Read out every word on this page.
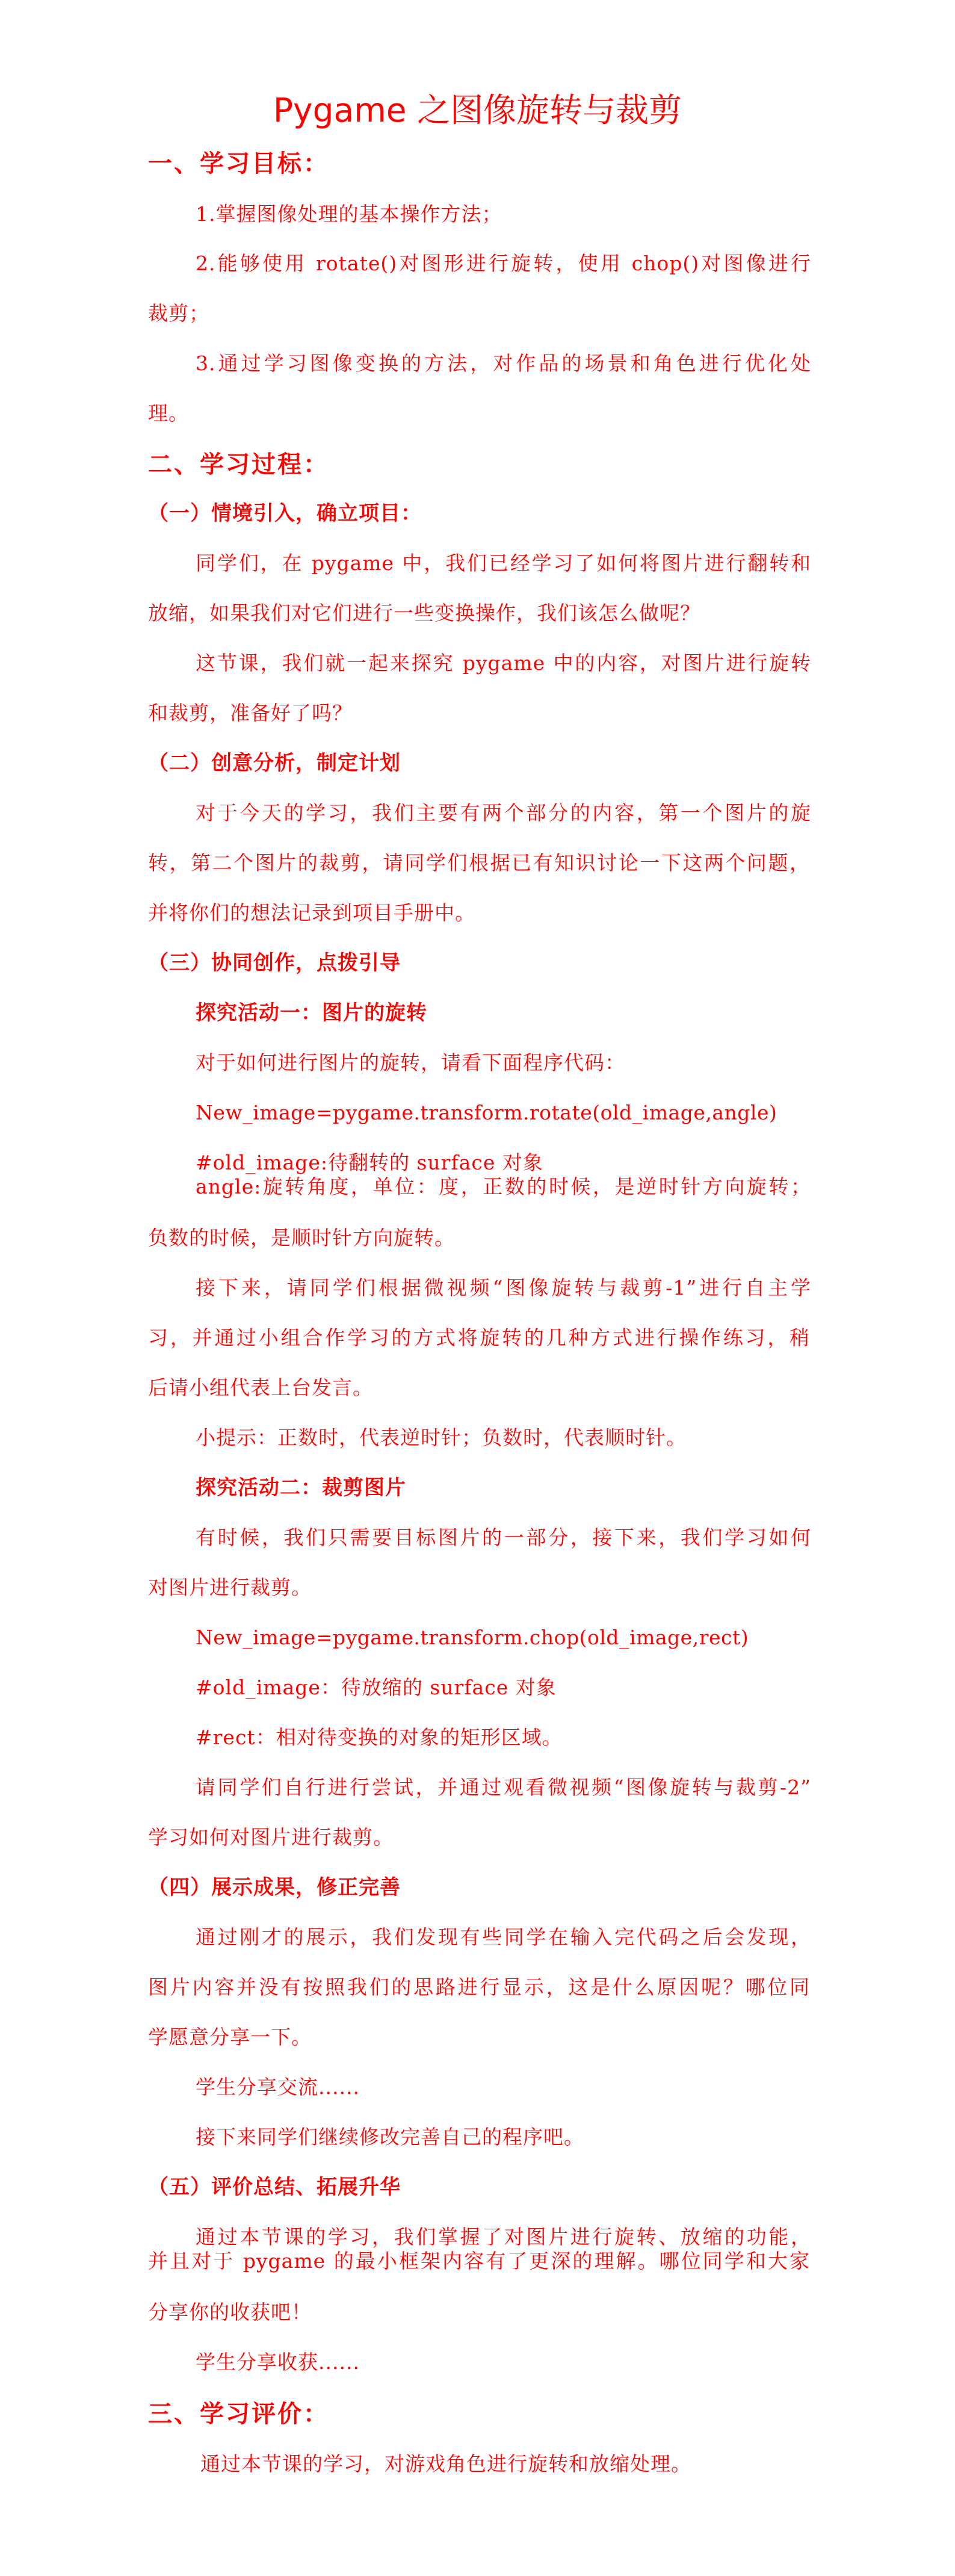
Pygame 之图像旋转与裁剪
一、学习目标：
1.掌握图像处理的基本操作方法；
2.能够使用 rotate()对图形进行旋转，使用 chop()对图像进行
裁剪；
3.通过学习图像变换的方法，对作品的场景和角色进行优化处
理。
二、学习过程：
（一）情境引入，确立项目：
同学们，在 pygame 中，我们已经学习了如何将图片进行翻转和
放缩，如果我们对它们进行一些变换操作，我们该怎么做呢？
这节课，我们就一起来探究 pygame 中的内容，对图片进行旋转
和裁剪，准备好了吗？
（二）创意分析，制定计划
对于今天的学习，我们主要有两个部分的内容，第一个图片的旋
转，第二个图片的裁剪，请同学们根据已有知识讨论一下这两个问题，
并将你们的想法记录到项目手册中。
（三）协同创作，点拨引导
探究活动一：图片的旋转
对于如何进行图片的旋转，请看下面程序代码：
New_image=pygame.transform.rotate(old_image,angle)
#old_image:待翻转的 surface 对象
angle:旋转角度，单位：度，正数的时候，是逆时针方向旋转；
负数的时候，是顺时针方向旋转。
接下来，请同学们根据微视频“图像旋转与裁剪-1”进行自主学
习，并通过小组合作学习的方式将旋转的几种方式进行操作练习，稍
后请小组代表上台发言。
小提示：正数时，代表逆时针；负数时，代表顺时针。
探究活动二：裁剪图片
有时候，我们只需要目标图片的一部分，接下来，我们学习如何
对图片进行裁剪。
New_image=pygame.transform.chop(old_image,rect)
#old_image：待放缩的 surface 对象
#rect：相对待变换的对象的矩形区域。
请同学们自行进行尝试，并通过观看微视频“图像旋转与裁剪-2”
学习如何对图片进行裁剪。
（四）展示成果，修正完善
通过刚才的展示，我们发现有些同学在输入完代码之后会发现，
图片内容并没有按照我们的思路进行显示，这是什么原因呢？哪位同
学愿意分享一下。
学生分享交流......
接下来同学们继续修改完善自己的程序吧。
（五）评价总结、拓展升华
通过本节课的学习，我们掌握了对图片进行旋转、放缩的功能，
并且对于 pygame 的最小框架内容有了更深的理解。哪位同学和大家
分享你的收获吧！
学生分享收获......
三、学习评价：
通过本节课的学习，对游戏角色进行旋转和放缩处理。
